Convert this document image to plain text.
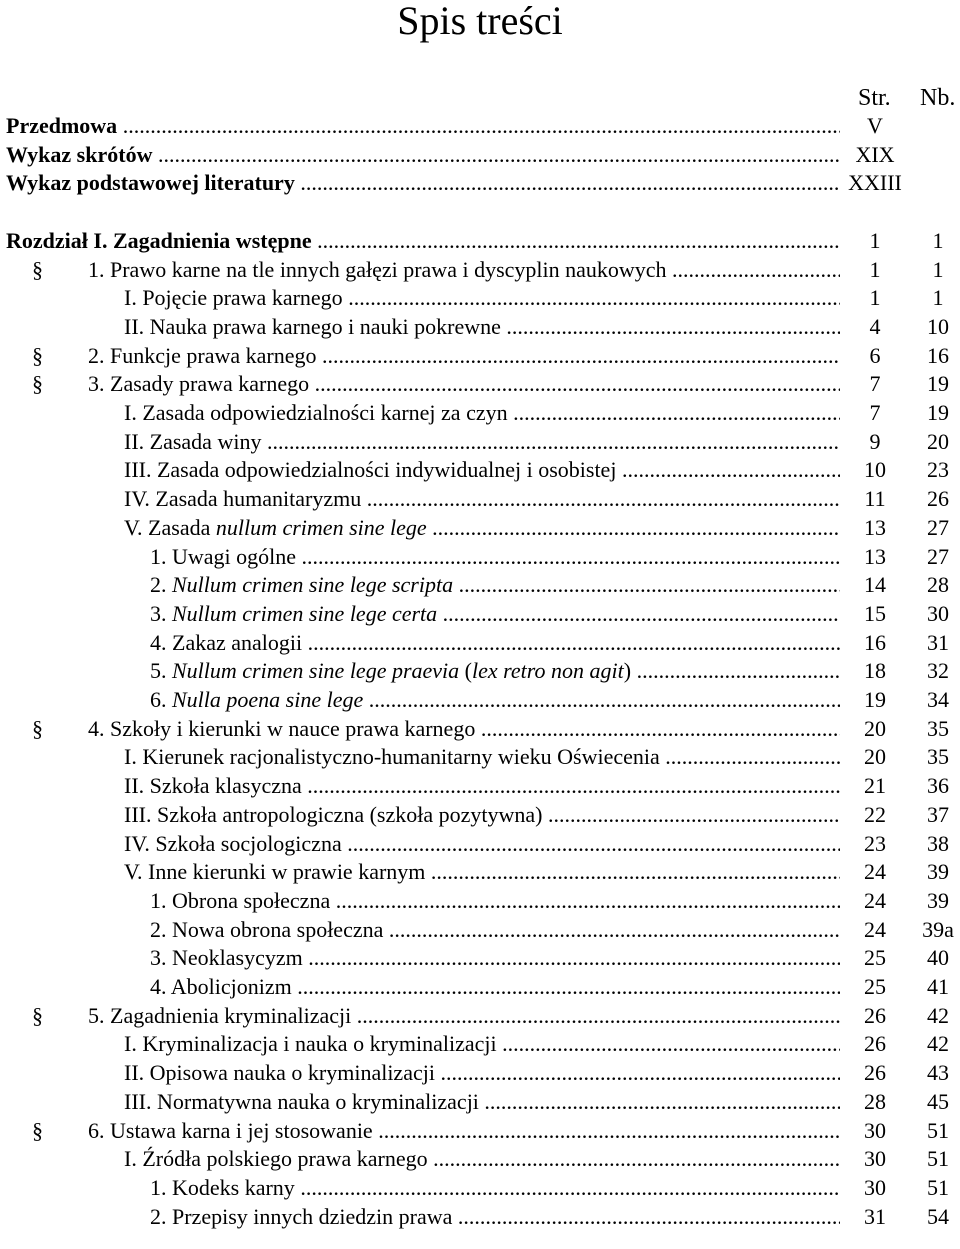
Spis treści
Str. Nb.
Przedmowa .....	V
Wykaz skrótów .....	XIX
Wykaz podstawowej literatury .....	XXIII
Rozdział I. Zagadnienia wstępne .....	1	1
§ 1. Prawo karne na tle innych gałęzi prawa i dyscyplin naukowych .....	1	1
I. Pojęcie prawa karnego .....	1	1
II. Nauka prawa karnego i nauki pokrewne .....	4	10
§ 2. Funkcje prawa karnego .....	6	16
§ 3. Zasady prawa karnego .....	7	19
I. Zasada odpowiedzialności karnej za czyn .....	7	19
II. Zasada winy .....	9	20
III. Zasada odpowiedzialności indywidualnej i osobistej .....	10	23
IV. Zasada humanitaryzmu .....	11	26
V. Zasada nullum crimen sine lege .....	13	27
1. Uwagi ogólne .....	13	27
2. Nullum crimen sine lege scripta .....	14	28
3. Nullum crimen sine lege certa .....	15	30
4. Zakaz analogii .....	16	31
5. Nullum crimen sine lege praevia (lex retro non agit) .....	18	32
6. Nulla poena sine lege .....	19	34
§ 4. Szkoły i kierunki w nauce prawa karnego .....	20	35
I. Kierunek racjonalistyczno-humanitarny wieku Oświecenia .....	20	35
II. Szkoła klasyczna .....	21	36
III. Szkoła antropologiczna (szkoła pozytywna) .....	22	37
IV. Szkoła socjologiczna .....	23	38
V. Inne kierunki w prawie karnym .....	24	39
1. Obrona społeczna .....	24	39
2. Nowa obrona społeczna .....	24	39a
3. Neoklasycyzm .....	25	40
4. Abolicjonizm .....	25	41
§ 5. Zagadnienia kryminalizacji .....	26	42
I. Kryminalizacja i nauka o kryminalizacji .....	26	42
II. Opisowa nauka o kryminalizacji .....	26	43
III. Normatywna nauka o kryminalizacji .....	28	45
§ 6. Ustawa karna i jej stosowanie .....	30	51
I. Źródła polskiego prawa karnego .....	30	51
1. Kodeks karny .....	30	51
2. Przepisy innych dziedzin prawa .....	31	54
